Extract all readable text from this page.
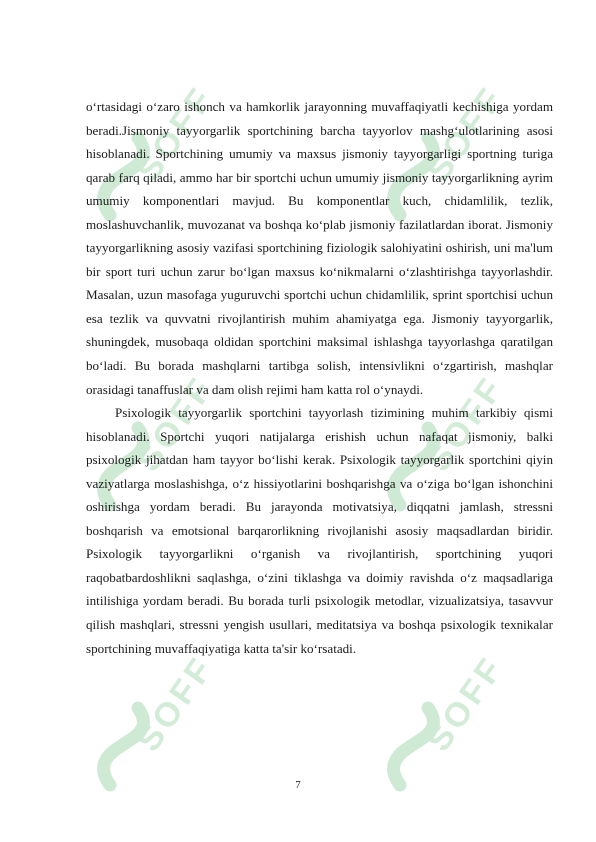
SOFF	SOFF
SOFF	SOFF
SOFF	SOFF

o‘rtasidagi o‘zaro ishonch va hamkorlik jarayonning muvaffaqiyatli kechishiga yordam beradi.Jismoniy tayyorgarlik sportchining barcha tayyorlov mashg‘ulotlarining asosi hisoblanadi. Sportchining umumiy va maxsus jismoniy tayyorgarligi sportning turiga qarab farq qiladi, ammo har bir sportchi uchun umumiy jismoniy tayyorgarlikning ayrim umumiy komponentlari mavjud. Bu komponentlar kuch, chidamlilik, tezlik, moslashuvchanlik, muvozanat va boshqa ko‘plab jismoniy fazilatlardan iborat. Jismoniy tayyorgarlikning asosiy vazifasi sportchining fiziologik salohiyatini oshirish, uni ma'lum bir sport turi uchun zarur bo‘lgan maxsus ko‘nikmalarni o‘zlashtirishga tayyorlashdir. Masalan, uzun masofaga yuguruvchi sportchi uchun chidamlilik, sprint sportchisi uchun esa tezlik va quvvatni rivojlantirish muhim ahamiyatga ega. Jismoniy tayyorgarlik, shuningdek, musobaqa oldidan sportchini maksimal ishlashga tayyorlashga qaratilgan bo‘ladi. Bu borada mashqlarni tartibga solish, intensivlikni o‘zgartirish, mashqlar orasidagi tanaffuslar va dam olish rejimi ham katta rol o‘ynaydi.

Psixologik tayyorgarlik sportchini tayyorlash tizimining muhim tarkibiy qismi hisoblanadi. Sportchi yuqori natijalarga erishish uchun nafaqat jismoniy, balki psixologik jihatdan ham tayyor bo‘lishi kerak. Psixologik tayyorgarlik sportchini qiyin vaziyatlarga moslashishga, o‘z hissiyotlarini boshqarishga va o‘ziga bo‘lgan ishonchini oshirishga yordam beradi. Bu jarayonda motivatsiya, diqqatni jamlash, stressni boshqarish va emotsional barqarorlikning rivojlanishi asosiy maqsadlardan biridir. Psixologik tayyorgarlikni o‘rganish va rivojlantirish, sportchining yuqori raqobatbardoshlikni saqlashga, o‘zini tiklashga va doimiy ravishda o‘z maqsadlariga intilishiga yordam beradi. Bu borada turli psixologik metodlar, vizualizatsiya, tasavvur qilish mashqlari, stressni yengish usullari, meditatsiya va boshqa psixologik texnikalar sportchining muvaffaqiyatiga katta ta'sir ko‘rsatadi.

7
